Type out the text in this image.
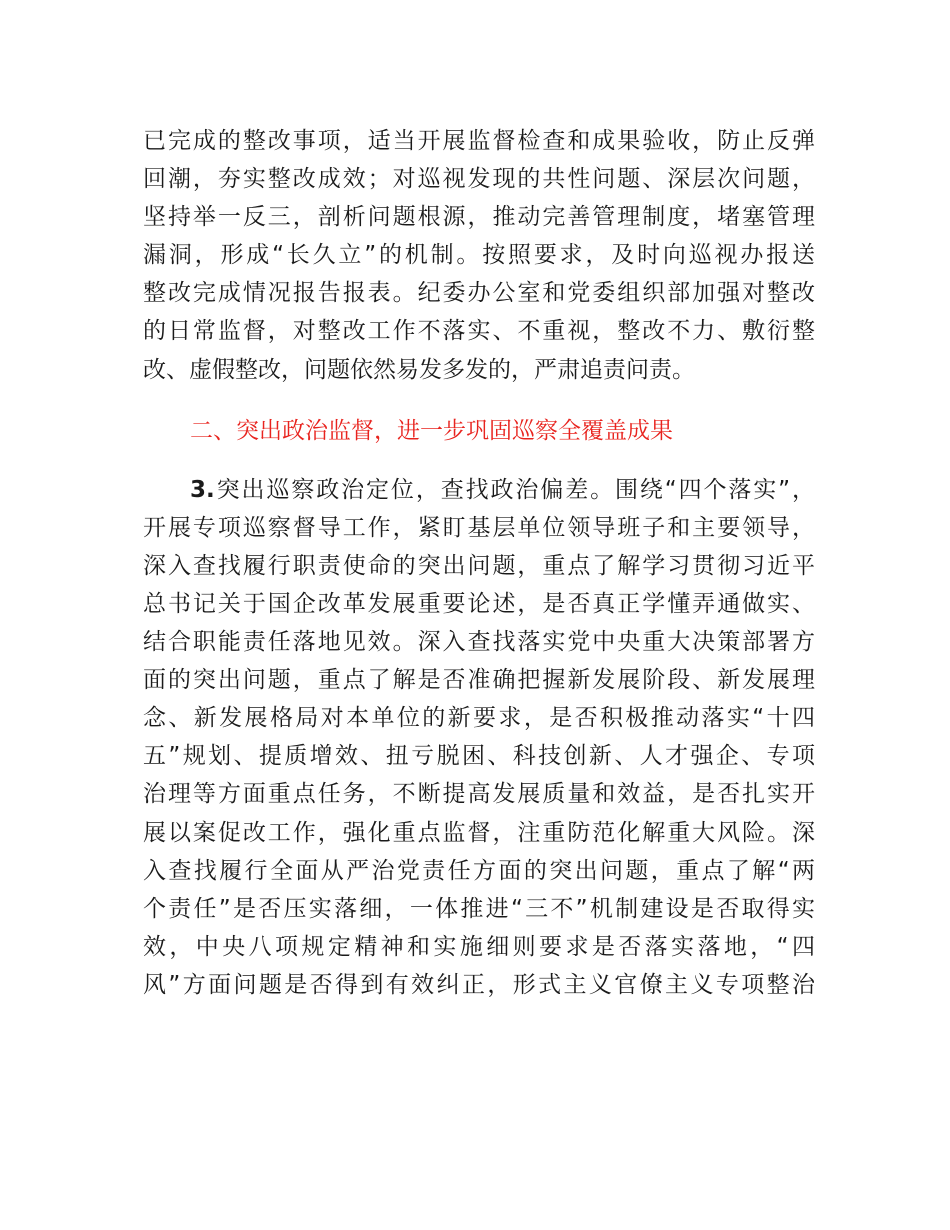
已完成的整改事项，适当开展监督检查和成果验收，防止反弹
回潮，夯实整改成效；对巡视发现的共性问题、深层次问题，
坚持举一反三，剖析问题根源，推动完善管理制度，堵塞管理
漏洞，形成“长久立”的机制。按照要求，及时向巡视办报送
整改完成情况报告报表。纪委办公室和党委组织部加强对整改
的日常监督，对整改工作不落实、不重视，整改不力、敷衍整
改、虚假整改，问题依然易发多发的，严肃追责问责。
二、突出政治监督，进一步巩固巡察全覆盖成果
3.突出巡察政治定位，查找政治偏差。围绕“四个落实”，
开展专项巡察督导工作，紧盯基层单位领导班子和主要领导，
深入查找履行职责使命的突出问题，重点了解学习贯彻习近平
总书记关于国企改革发展重要论述，是否真正学懂弄通做实、
结合职能责任落地见效。深入查找落实党中央重大决策部署方
面的突出问题，重点了解是否准确把握新发展阶段、新发展理
念、新发展格局对本单位的新要求，是否积极推动落实“十四
五”规划、提质增效、扭亏脱困、科技创新、人才强企、专项
治理等方面重点任务，不断提高发展质量和效益，是否扎实开
展以案促改工作，强化重点监督，注重防范化解重大风险。深
入查找履行全面从严治党责任方面的突出问题，重点了解“两
个责任”是否压实落细，一体推进“三不”机制建设是否取得实
效，中央八项规定精神和实施细则要求是否落实落地，“四
风”方面问题是否得到有效纠正，形式主义官僚主义专项整治
